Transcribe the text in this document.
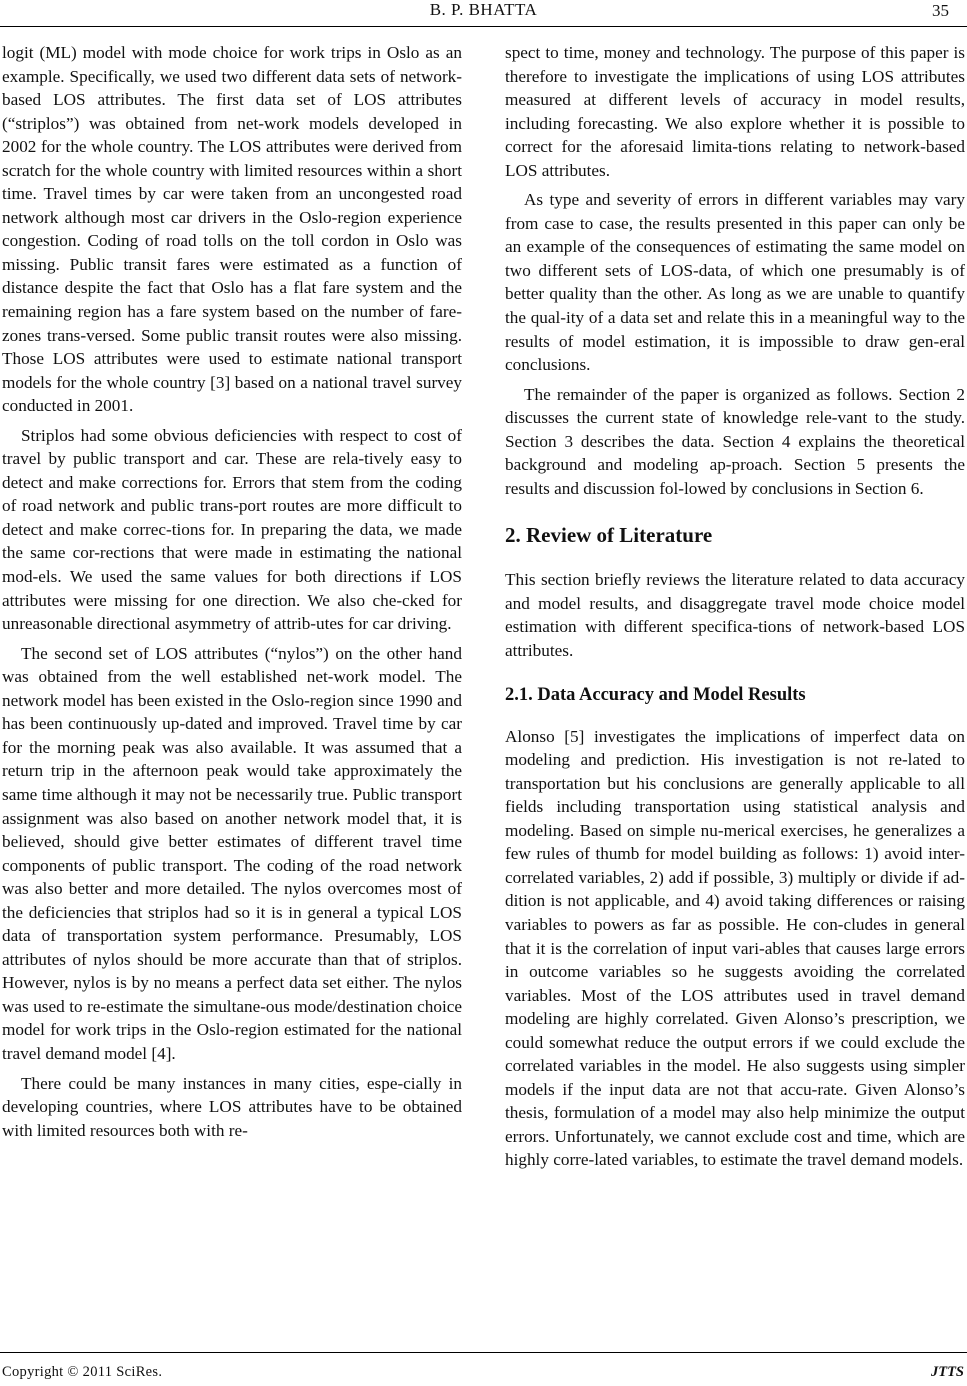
B. P. BHATTA	35

logit (ML) model with mode choice for work trips in Oslo as an example. Specifically, we used two different data sets of network-based LOS attributes. The first data set of LOS attributes (“striplos”) was obtained from net-work models developed in 2002 for the whole country. The LOS attributes were derived from scratch for the whole country with limited resources within a short time. Travel times by car were taken from an uncongested road network although most car drivers in the Oslo-region experience congestion. Coding of road tolls on the toll cordon in Oslo was missing. Public transit fares were estimated as a function of distance despite the fact that Oslo has a flat fare system and the remaining region has a fare system based on the number of fare-zones trans-versed. Some public transit routes were also missing. Those LOS attributes were used to estimate national transport models for the whole country [3] based on a national travel survey conducted in 2001.

Striplos had some obvious deficiencies with respect to cost of travel by public transport and car. These are rela-tively easy to detect and make corrections for. Errors that stem from the coding of road network and public trans-port routes are more difficult to detect and make correc-tions for. In preparing the data, we made the same cor-rections that were made in estimating the national mod-els. We used the same values for both directions if LOS attributes were missing for one direction. We also che-cked for unreasonable directional asymmetry of attrib-utes for car driving.

The second set of LOS attributes (“nylos”) on the other hand was obtained from the well established net-work model. The network model has been existed in the Oslo-region since 1990 and has been continuously up-dated and improved. Travel time by car for the morning peak was also available. It was assumed that a return trip in the afternoon peak would take approximately the same time although it may not be necessarily true. Public transport assignment was also based on another network model that, it is believed, should give better estimates of different travel time components of public transport. The coding of the road network was also better and more detailed. The nylos overcomes most of the deficiencies that striplos had so it is in general a typical LOS data of transportation system performance. Presumably, LOS attributes of nylos should be more accurate than that of striplos. However, nylos is by no means a perfect data set either. The nylos was used to re-estimate the simultane-ous mode/destination choice model for work trips in the Oslo-region estimated for the national travel demand model [4].

There could be many instances in many cities, espe-cially in developing countries, where LOS attributes have to be obtained with limited resources both with re-

spect to time, money and technology. The purpose of this paper is therefore to investigate the implications of using LOS attributes measured at different levels of accuracy in model results, including forecasting. We also explore whether it is possible to correct for the aforesaid limita-tions relating to network-based LOS attributes.

As type and severity of errors in different variables may vary from case to case, the results presented in this paper can only be an example of the consequences of estimating the same model on two different sets of LOS-data, of which one presumably is of better quality than the other. As long as we are unable to quantify the qual-ity of a data set and relate this in a meaningful way to the results of model estimation, it is impossible to draw gen-eral conclusions.

The remainder of the paper is organized as follows. Section 2 discusses the current state of knowledge rele-vant to the study. Section 3 describes the data. Section 4 explains the theoretical background and modeling ap-proach. Section 5 presents the results and discussion fol-lowed by conclusions in Section 6.

2. Review of Literature

This section briefly reviews the literature related to data accuracy and model results, and disaggregate travel mode choice model estimation with different specifica-tions of network-based LOS attributes.

2.1. Data Accuracy and Model Results

Alonso [5] investigates the implications of imperfect data on modeling and prediction. His investigation is not re-lated to transportation but his conclusions are generally applicable to all fields including transportation using statistical analysis and modeling. Based on simple nu-merical exercises, he generalizes a few rules of thumb for model building as follows: 1) avoid inter-correlated variables, 2) add if possible, 3) multiply or divide if ad-dition is not applicable, and 4) avoid taking differences or raising variables to powers as far as possible. He con-cludes in general that it is the correlation of input vari-ables that causes large errors in outcome variables so he suggests avoiding the correlated variables. Most of the LOS attributes used in travel demand modeling are highly correlated. Given Alonso’s prescription, we could somewhat reduce the output errors if we could exclude the correlated variables in the model. He also suggests using simpler models if the input data are not that accu-rate. Given Alonso’s thesis, formulation of a model may also help minimize the output errors. Unfortunately, we cannot exclude cost and time, which are highly corre-lated variables, to estimate the travel demand models.

Copyright © 2011 SciRes.	JTTS
